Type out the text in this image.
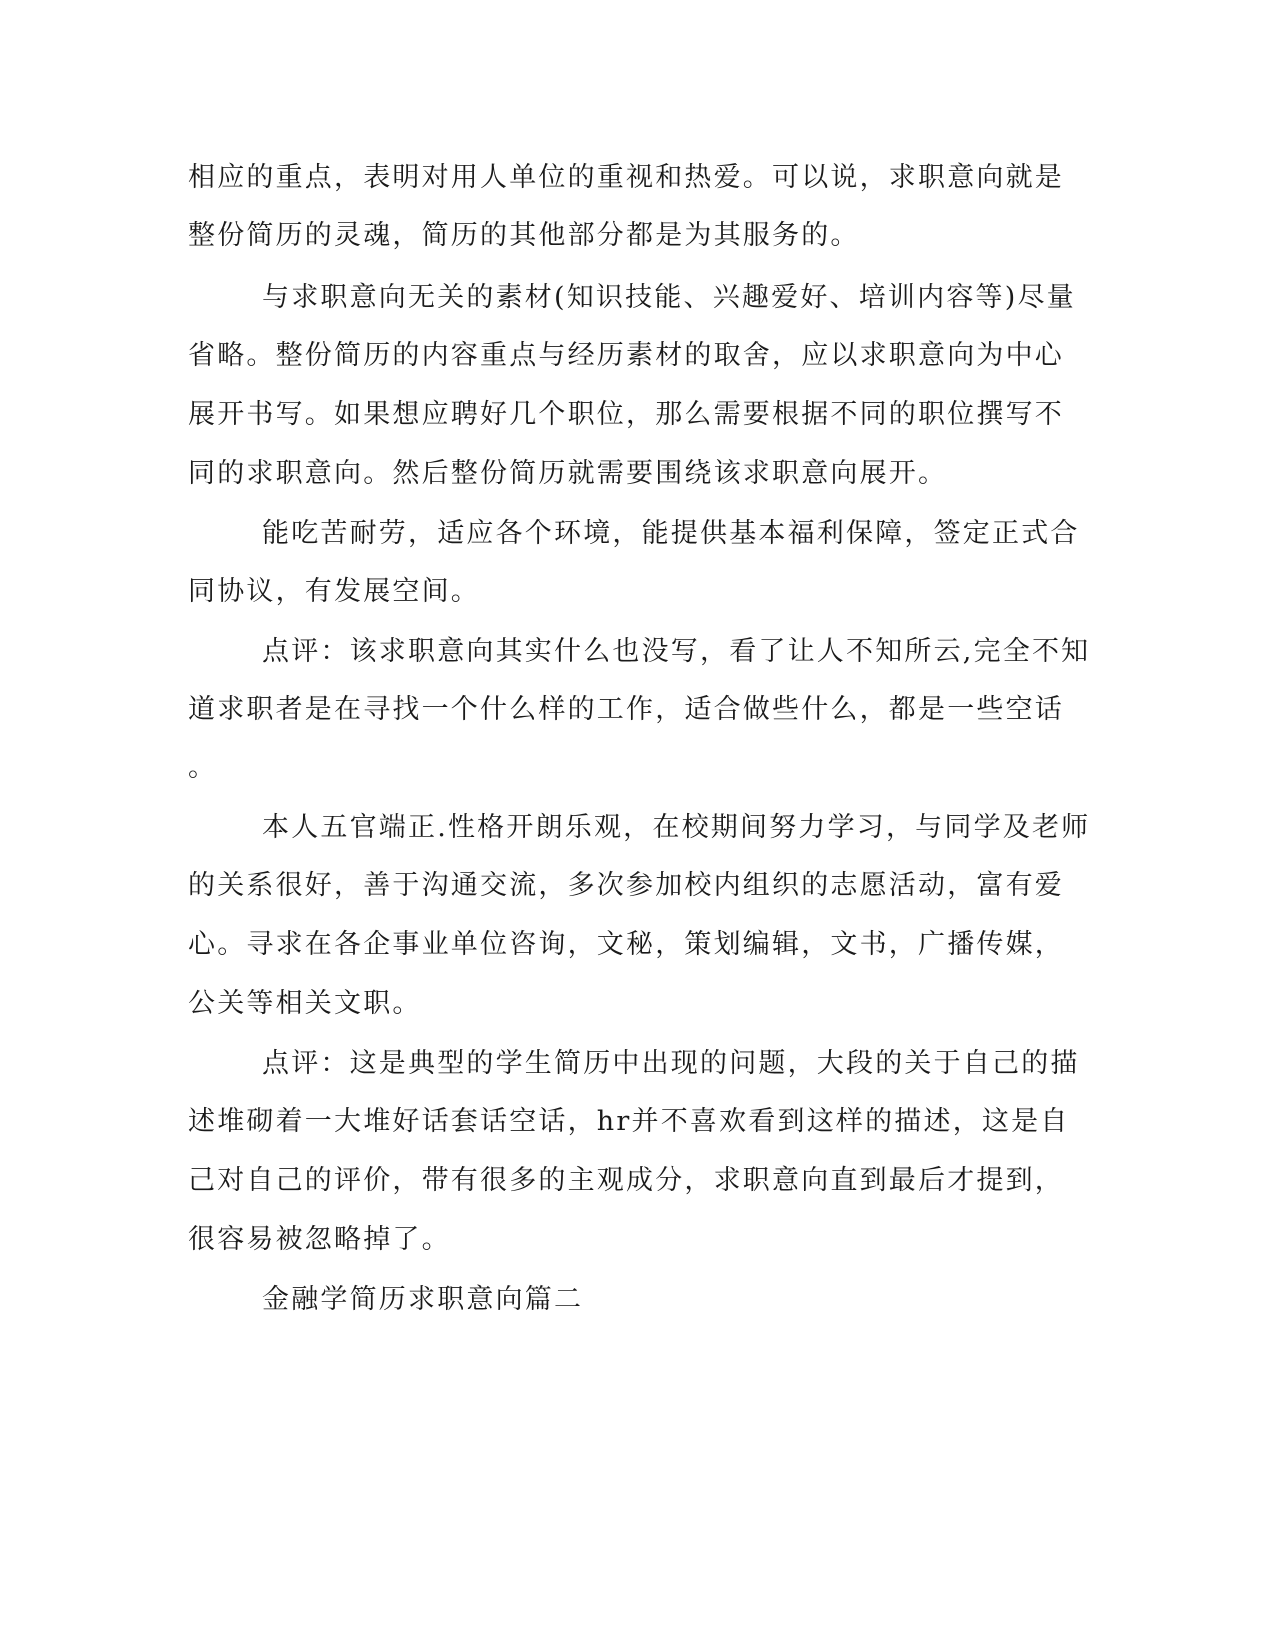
相应的重点，表明对用人单位的重视和热爱。可以说，求职意向就是
整份简历的灵魂，简历的其他部分都是为其服务的。
与求职意向无关的素材(知识技能、兴趣爱好、培训内容等)尽量
省略。整份简历的内容重点与经历素材的取舍，应以求职意向为中心
展开书写。如果想应聘好几个职位，那么需要根据不同的职位撰写不
同的求职意向。然后整份简历就需要围绕该求职意向展开。
能吃苦耐劳，适应各个环境，能提供基本福利保障，签定正式合
同协议，有发展空间。
点评：该求职意向其实什么也没写，看了让人不知所云,完全不知
道求职者是在寻找一个什么样的工作，适合做些什么，都是一些空话
。
本人五官端正.性格开朗乐观，在校期间努力学习，与同学及老师
的关系很好，善于沟通交流，多次参加校内组织的志愿活动，富有爱
心。寻求在各企事业单位咨询，文秘，策划编辑，文书，广播传媒，
公关等相关文职。
点评：这是典型的学生简历中出现的问题，大段的关于自己的描
述堆砌着一大堆好话套话空话，hr并不喜欢看到这样的描述，这是自
己对自己的评价，带有很多的主观成分，求职意向直到最后才提到，
很容易被忽略掉了。
金融学简历求职意向篇二
